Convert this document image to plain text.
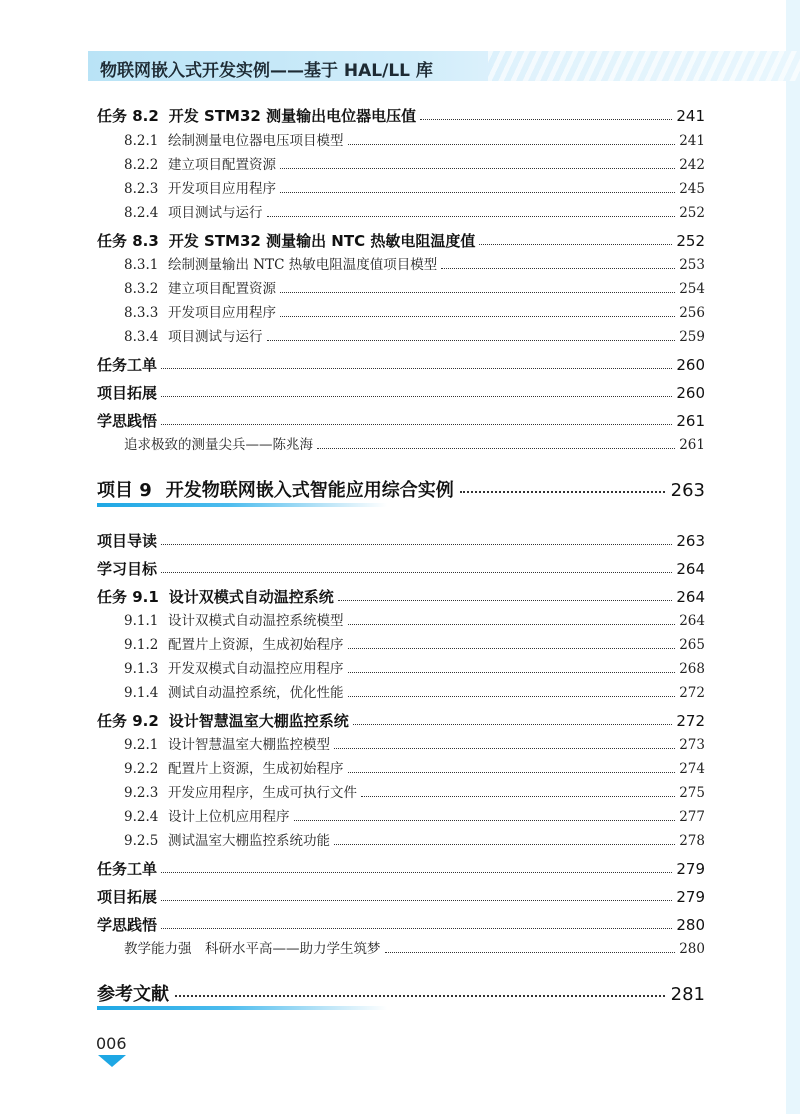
物联网嵌入式开发实例——基于 HAL/LL 库
任务 8.2 开发 STM32 测量输出电位器电压值	241
8.2.1 绘制测量电位器电压项目模型	241
8.2.2 建立项目配置资源	242
8.2.3 开发项目应用程序	245
8.2.4 项目测试与运行	252
任务 8.3 开发 STM32 测量输出 NTC 热敏电阻温度值	252
8.3.1 绘制测量输出 NTC 热敏电阻温度值项目模型	253
8.3.2 建立项目配置资源	254
8.3.3 开发项目应用程序	256
8.3.4 项目测试与运行	259
任务工单	260
项目拓展	260
学思践悟	261
追求极致的测量尖兵——陈兆海	261
项目 9 开发物联网嵌入式智能应用综合实例	263
项目导读	263
学习目标	264
任务 9.1 设计双模式自动温控系统	264
9.1.1 设计双模式自动温控系统模型	264
9.1.2 配置片上资源，生成初始程序	265
9.1.3 开发双模式自动温控应用程序	268
9.1.4 测试自动温控系统，优化性能	272
任务 9.2 设计智慧温室大棚监控系统	272
9.2.1 设计智慧温室大棚监控模型	273
9.2.2 配置片上资源，生成初始程序	274
9.2.3 开发应用程序，生成可执行文件	275
9.2.4 设计上位机应用程序	277
9.2.5 测试温室大棚监控系统功能	278
任务工单	279
项目拓展	279
学思践悟	280
教学能力强　科研水平高——助力学生筑梦	280
参考文献	281
006
